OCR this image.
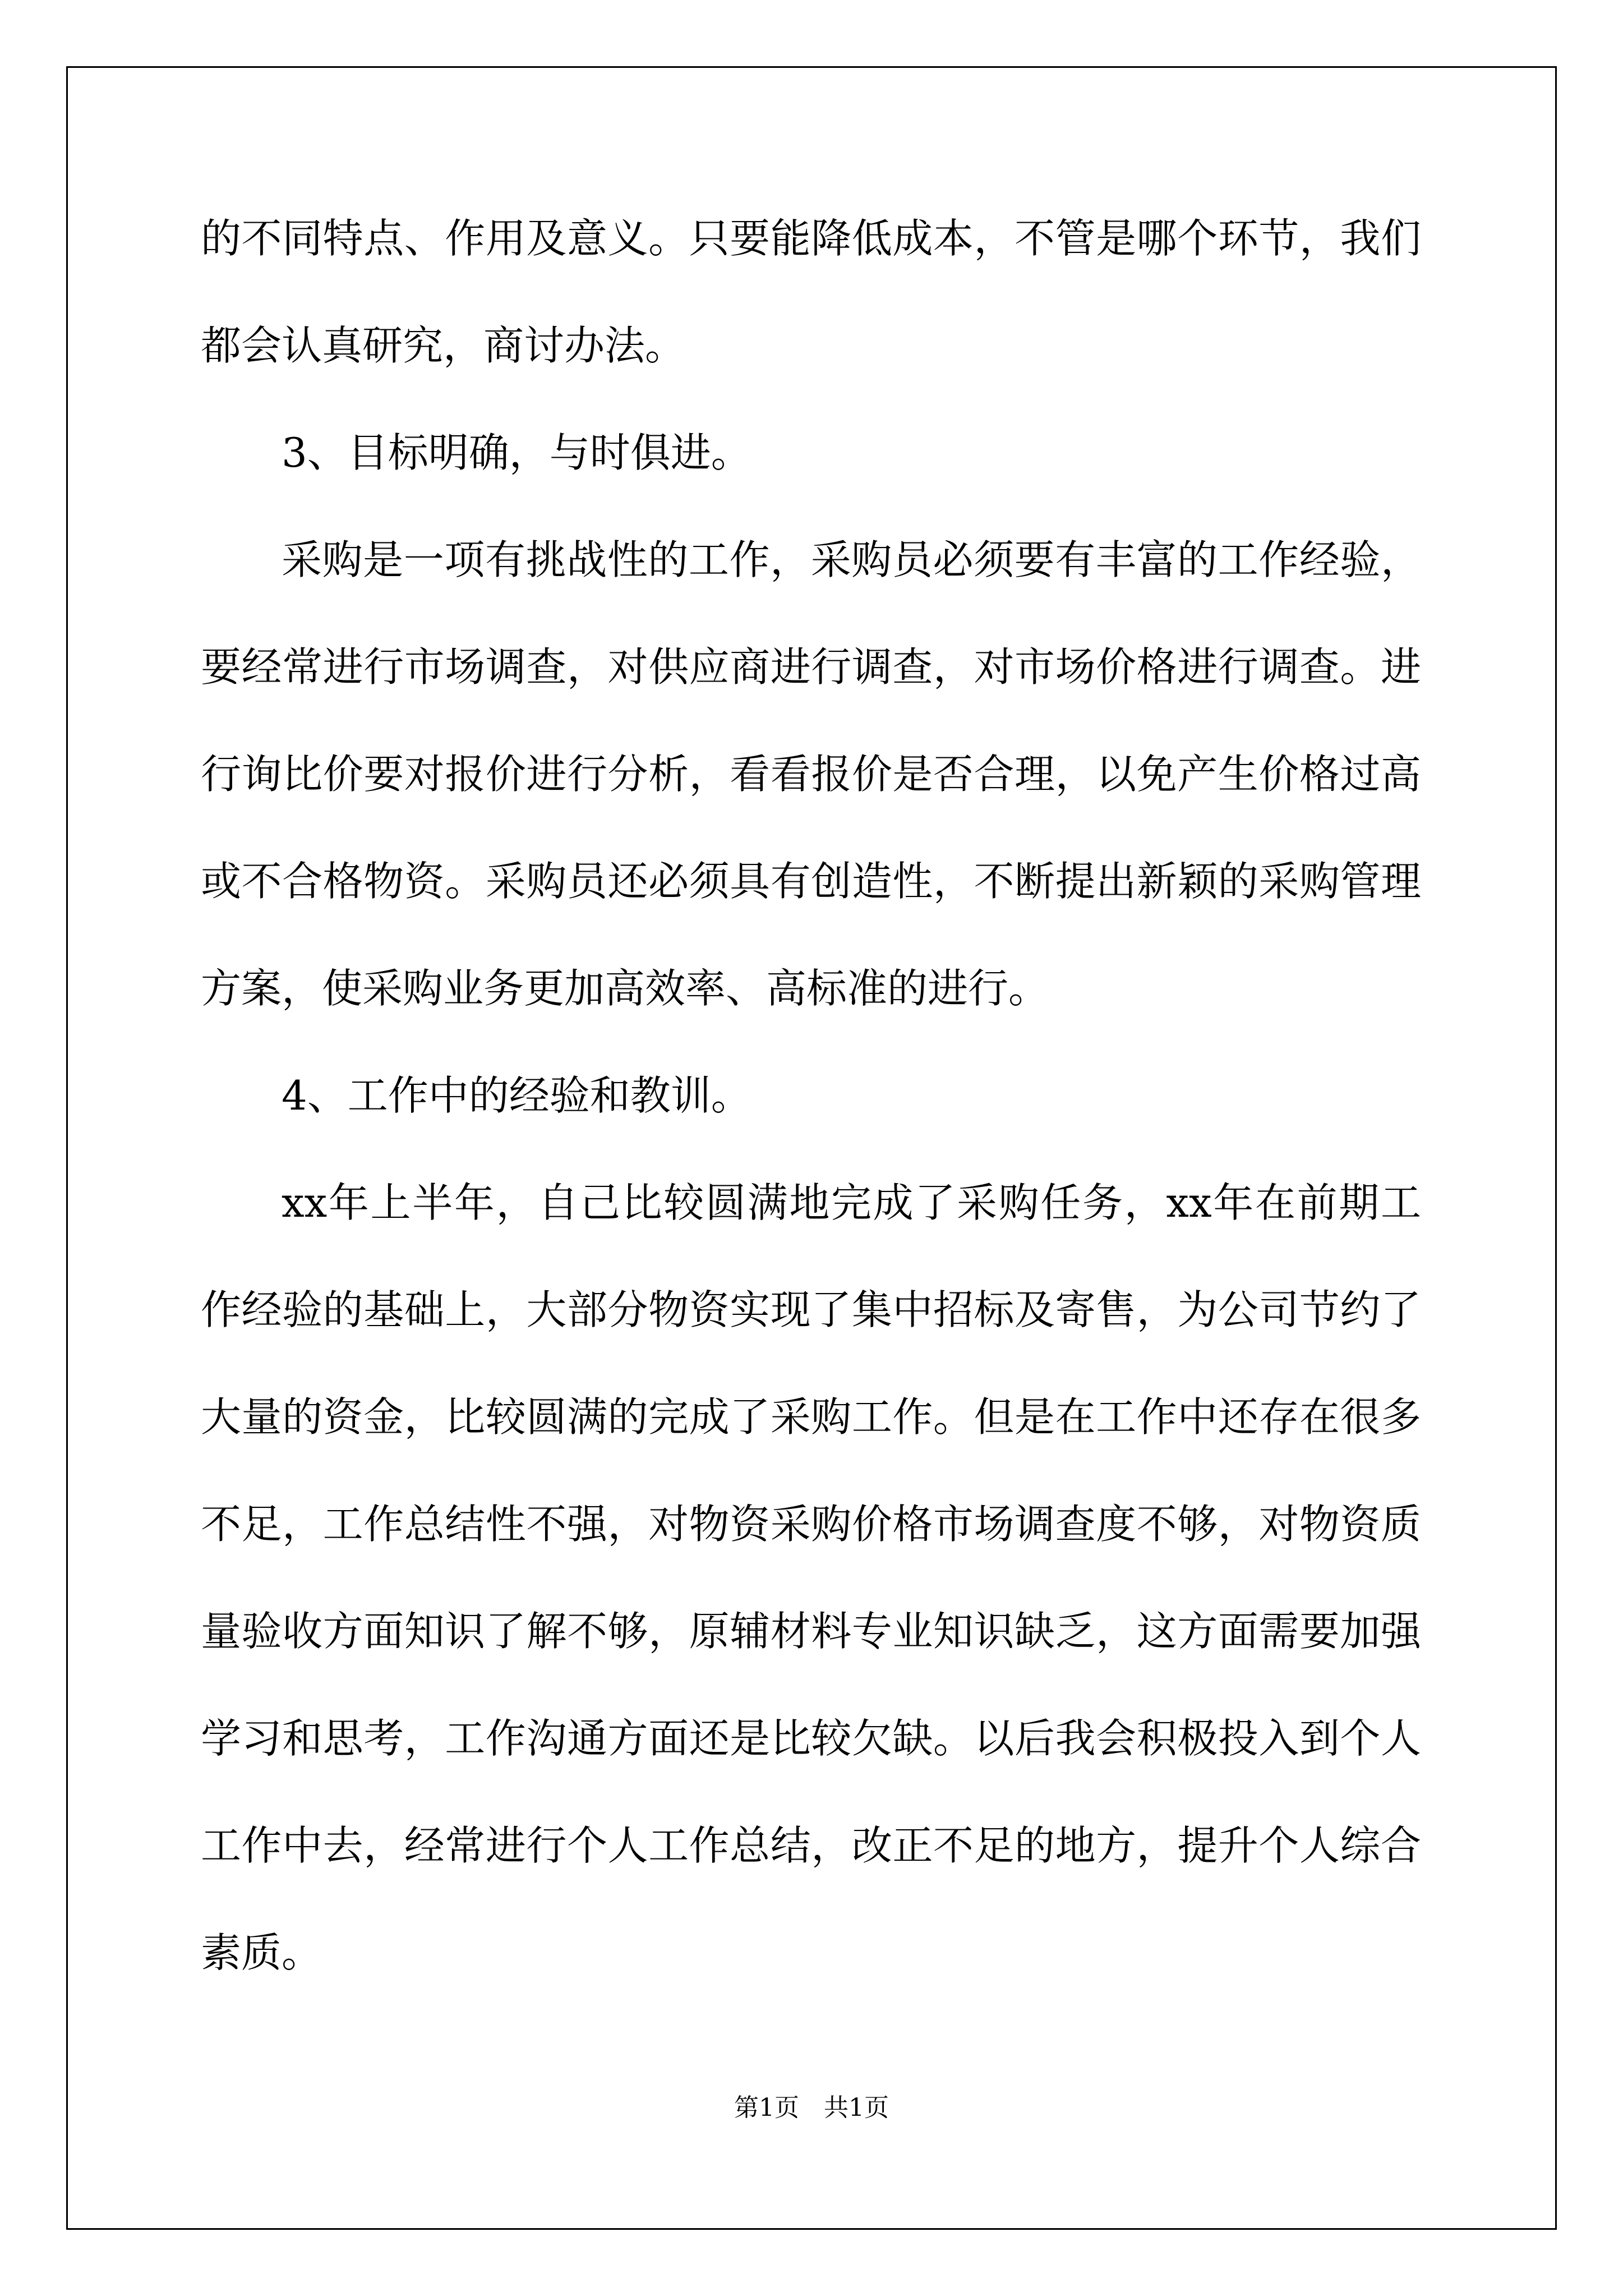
的不同特点、作用及意义。只要能降低成本，不管是哪个环节，我们都会认真研究，商讨办法。

3、目标明确，与时俱进。

采购是一项有挑战性的工作，采购员必须要有丰富的工作经验，要经常进行市场调查，对供应商进行调查，对市场价格进行调查。进行询比价要对报价进行分析，看看报价是否合理，以免产生价格过高或不合格物资。采购员还必须具有创造性，不断提出新颖的采购管理方案，使采购业务更加高效率、高标准的进行。

4、工作中的经验和教训。

xx年上半年，自己比较圆满地完成了采购任务，xx年在前期工作经验的基础上，大部分物资实现了集中招标及寄售，为公司节约了大量的资金，比较圆满的完成了采购工作。但是在工作中还存在很多不足，工作总结性不强，对物资采购价格市场调查度不够，对物资质量验收方面知识了解不够，原辅材料专业知识缺乏，这方面需要加强学习和思考，工作沟通方面还是比较欠缺。以后我会积极投入到个人工作中去，经常进行个人工作总结，改正不足的地方，提升个人综合素质。

第1页　共1页
